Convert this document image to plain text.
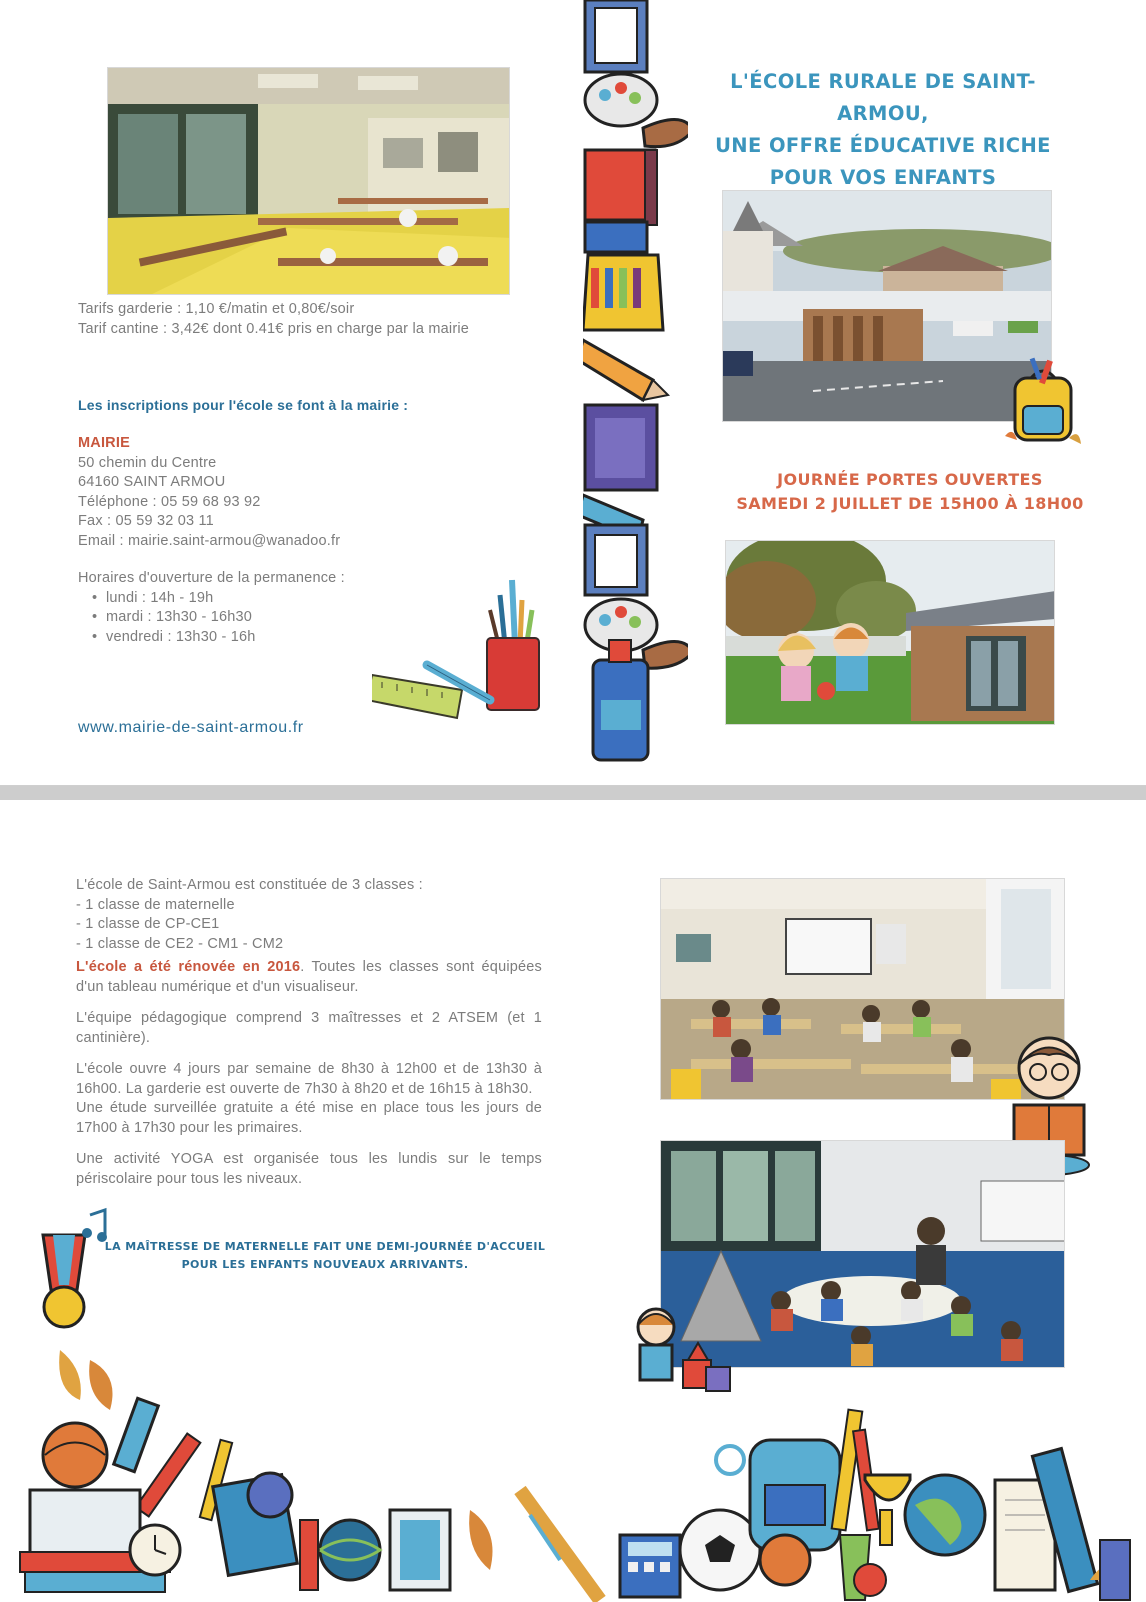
Tarifs garderie : 1,10 €/matin et 0,80€/soir
Tarif cantine : 3,42€ dont 0.41€ pris en charge par la mairie
Les inscriptions pour l'école se font à la mairie :
MAIRIE
50 chemin du Centre
64160 SAINT ARMOU
Téléphone : 05 59 68 93 92
Fax : 05 59 32 03 11
Email : mairie.saint-armou@wanadoo.fr
Horaires d'ouverture de la permanence :
• lundi : 14h - 19h
• mardi : 13h30 - 16h30
• vendredi : 13h30 - 16h
www.mairie-de-saint-armou.fr
L'ÉCOLE RURALE DE SAINT-ARMOU,
UNE OFFRE ÉDUCATIVE RICHE
POUR VOS ENFANTS
JOURNÉE PORTES OUVERTES
SAMEDI 2 JUILLET DE 15H00 À 18H00
L'école de Saint-Armou est constituée de 3 classes :
- 1 classe de maternelle
- 1 classe de CP-CE1
- 1 classe de CE2 - CM1 - CM2
L'école a été rénovée en 2016. Toutes les classes sont équipées d'un tableau numérique et d'un visualiseur.
L'équipe pédagogique comprend 3 maîtresses et 2 ATSEM (et 1 cantinière).
L'école ouvre 4 jours par semaine de 8h30 à 12h00 et de 13h30 à 16h00. La garderie est ouverte de 7h30 à 8h20 et de 16h15 à 18h30.
Une étude surveillée gratuite a été mise en place tous les jours de 17h00 à 17h30 pour les primaires.
Une activité YOGA est organisée tous les lundis sur le temps périscolaire pour tous les niveaux.
LA MAÎTRESSE DE MATERNELLE FAIT UNE DEMI-JOURNÉE D'ACCUEIL
POUR LES ENFANTS NOUVEAUX ARRIVANTS.
